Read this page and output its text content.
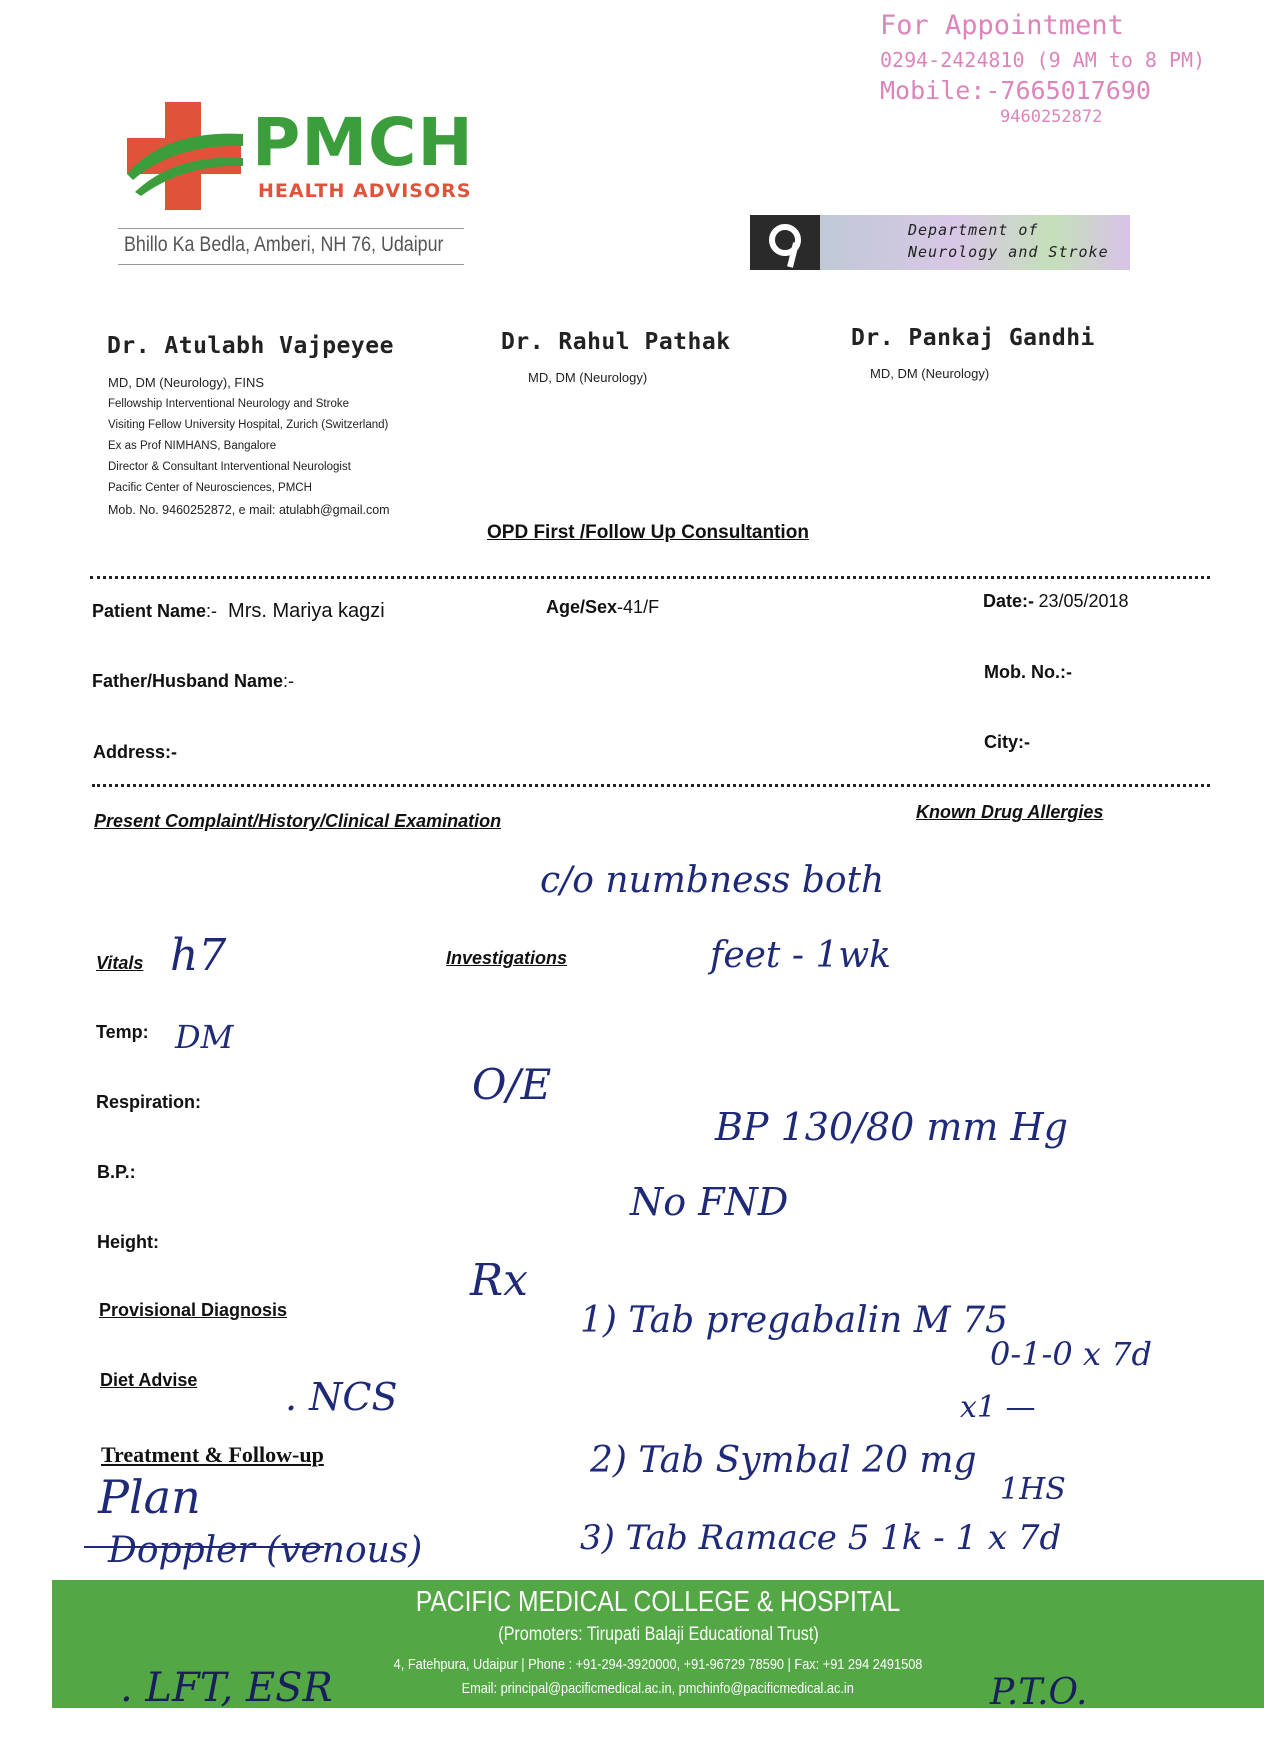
For Appointment
0294-2424810 (9 AM to 8 PM)
Mobile:-7665017690
9460252872
PMCH
HEALTH ADVISORS
Bhillo Ka Bedla, Amberi, NH 76, Udaipur
Department of
Neurology and Stroke
Dr. Atulabh Vajpeyee
MD, DM (Neurology), FINS
Fellowship Interventional Neurology and Stroke
Visiting Fellow University Hospital, Zurich (Switzerland)
Ex as Prof NIMHANS, Bangalore
Director & Consultant Interventional Neurologist
Pacific Center of Neurosciences, PMCH
Mob. No. 9460252872, e mail: atulabh@gmail.com
Dr. Rahul Pathak
MD, DM (Neurology)
Dr. Pankaj Gandhi
MD, DM (Neurology)
OPD First /Follow Up Consultantion
Patient Name:- Mrs. Mariya kagzi	Age/Sex-41/F	Date:- 23/05/2018
Father/Husband Name:-	Mob. No.:-
Address:-	City:-
Present Complaint/History/Clinical Examination	Known Drug Allergies
Vitals	Investigations
Temp:
Respiration:
B.P.:
Height:
Provisional Diagnosis
Diet Advise
Treatment & Follow-up
c/o numbness both
feet - 1wk
h7
DM
O/E
BP 130/80 mm Hg
No FND
Rx
1) Tab pregabalin M 75
0-1-0 x 7d
x1 —
2) Tab Symbal 20 mg
1HS
3) Tab Ramace 5 1k - 1 x 7d
. NCS
Plan
Doppler (venous)
PACIFIC MEDICAL COLLEGE & HOSPITAL
(Promoters: Tirupati Balaji Educational Trust)
4, Fatehpura, Udaipur | Phone : +91-294-3920000, +91-96729 78590 | Fax: +91 294 2491508
Email: principal@pacificmedical.ac.in, pmchinfo@pacificmedical.ac.in
. LFT, ESR	P.T.O.
